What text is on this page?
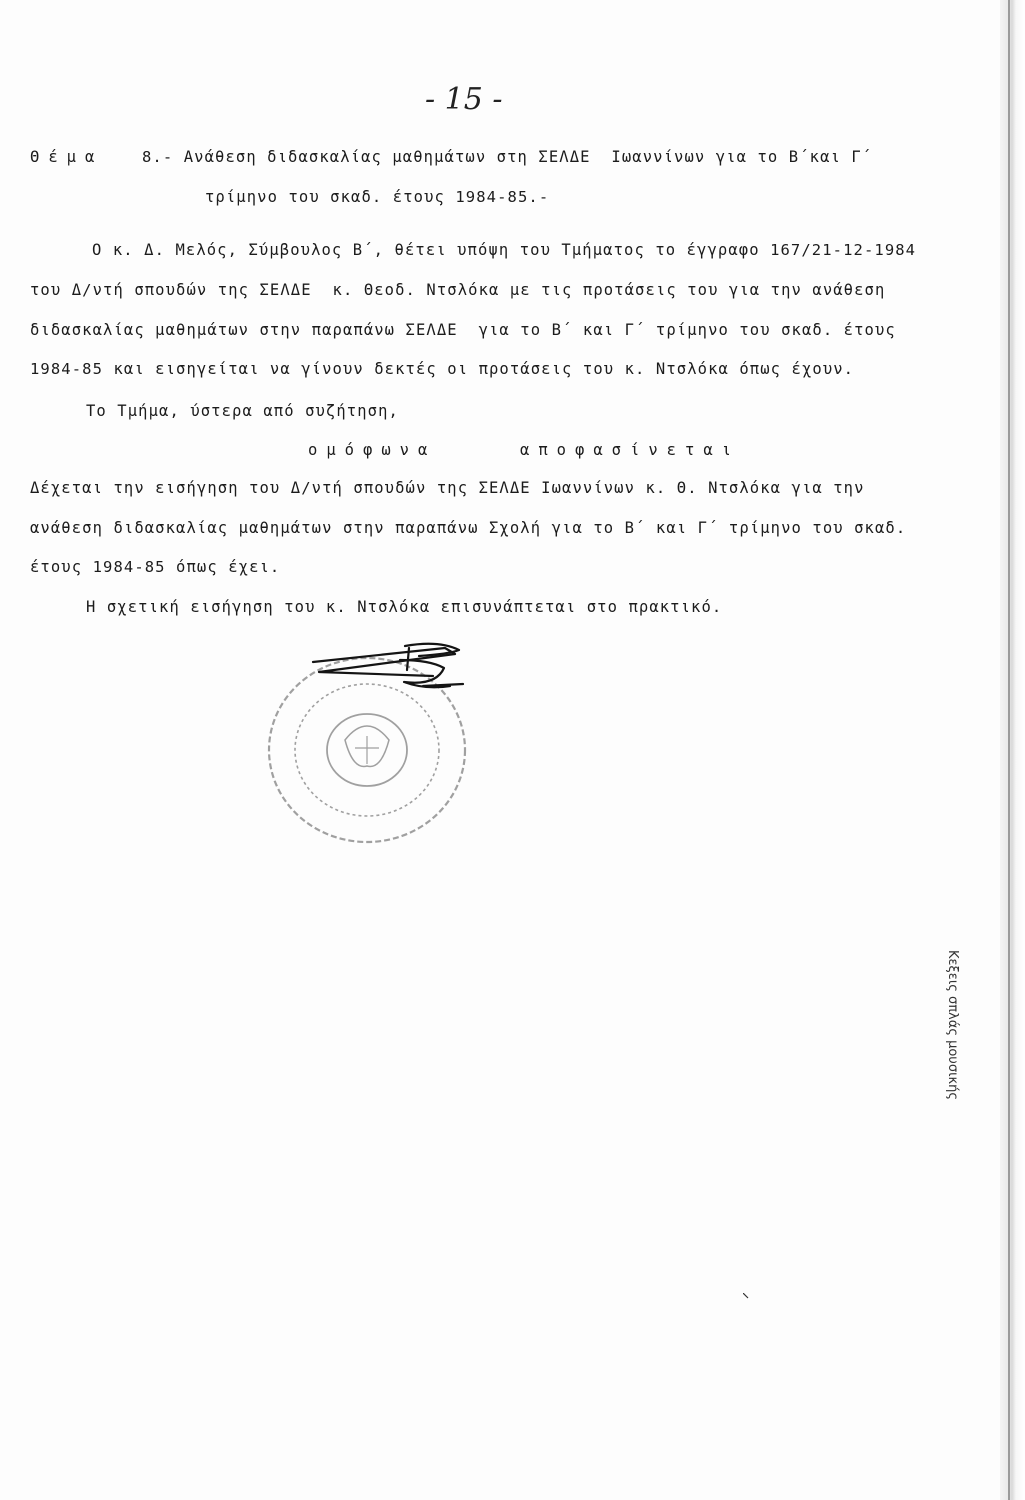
Κεξεις σπλάς μουσικής
- 15 -
Θέμα 8.- Ανάθεση διδασκαλίας μαθημάτων στη ΣΕΛΔΕ  Ιωαννίνων για το Β΄και Γ΄
τρίμηνο του σκαδ. έτους 1984-85.-
Ο κ. Δ. Μελός, Σύμβουλος Β΄, θέτει υπόψη του Τμήματος το έγγραφο 167/21-12-1984
του Δ/ντή σπουδών της ΣΕΛΔΕ  κ. Θεοδ. Ντσλόκα με τις προτάσεις του για την ανάθεση
διδασκαλίας μαθημάτων στην παραπάνω ΣΕΛΔΕ  για το Β΄ και Γ΄ τρίμηνο του σκαδ. έτους
1984-85 και εισηγείται να γίνουν δεκτές οι προτάσεις του κ. Ντσλόκα όπως έχουν.
Το Τμήμα, ύστερα από συζήτηση,
ομόφωνα	αποφασίνεται
Δέχεται την εισήγηση του Δ/ντή σπουδών της ΣΕΛΔΕ Ιωαννίνων κ. Θ. Ντσλόκα για την
ανάθεση διδασκαλίας μαθημάτων στην παραπάνω Σχολή για το Β΄ και Γ΄ τρίμηνο του σκαδ.
έτους 1984-85 όπως έχει.
Η σχετική εισήγηση του κ. Ντσλόκα επισυνάπτεται στο πρακτικό.
